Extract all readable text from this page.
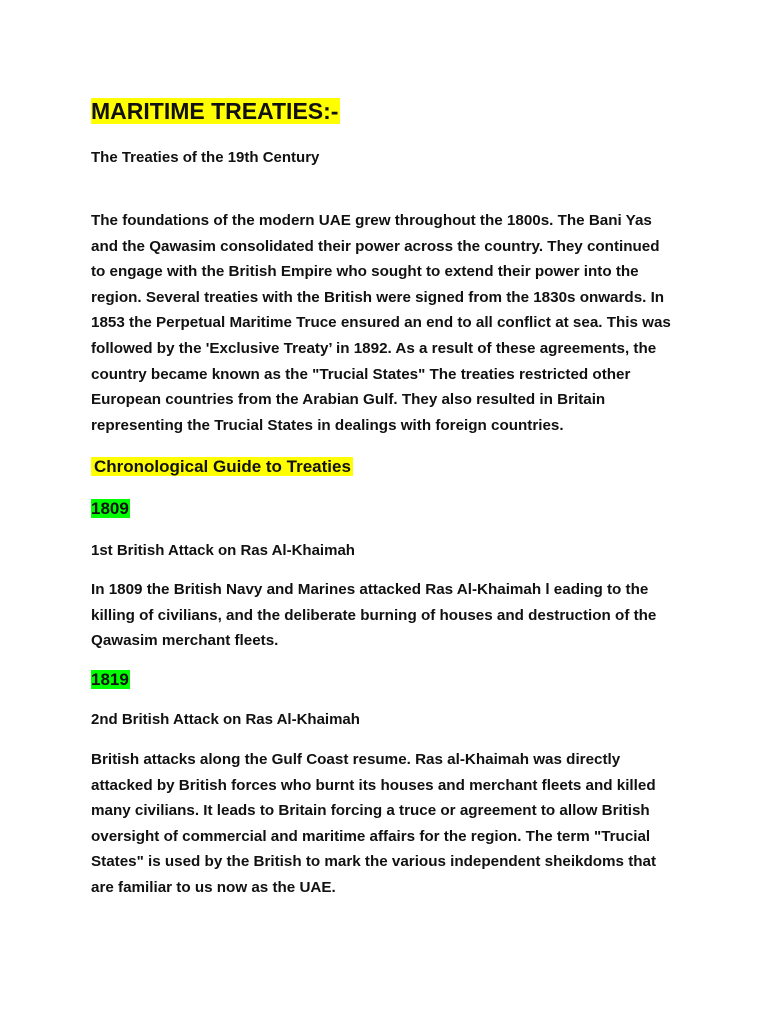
MARITIME TREATIES:-
The Treaties of the 19th Century
The foundations of the modern UAE grew throughout the 1800s. The Bani Yas
and the Qawasim consolidated their power across the country. They continued
to engage with the British Empire who sought to extend their power into the
region. Several treaties with the British were signed from the 1830s onwards. In
1853 the Perpetual Maritime Truce ensured an end to all conflict at sea. This was
followed by the 'Exclusive Treaty’ in 1892. As a result of these agreements, the
country became known as the "Trucial States" The treaties restricted other
European countries from the Arabian Gulf. They also resulted in Britain
representing the Trucial States in dealings with foreign countries.
Chronological Guide to Treaties
1809
1st British Attack on Ras Al-Khaimah
In 1809 the British Navy and Marines attacked Ras Al-Khaimah l eading to the
killing of civilians, and the deliberate burning of houses and destruction of the
Qawasim merchant fleets.
1819
2nd British Attack on Ras Al-Khaimah
British attacks along the Gulf Coast resume. Ras al-Khaimah was directly
attacked by British forces who burnt its houses and merchant fleets and killed
many civilians. It leads to Britain forcing a truce or agreement to allow British
oversight of commercial and maritime affairs for the region. The term "Trucial
States" is used by the British to mark the various independent sheikdoms that
are familiar to us now as the UAE.
